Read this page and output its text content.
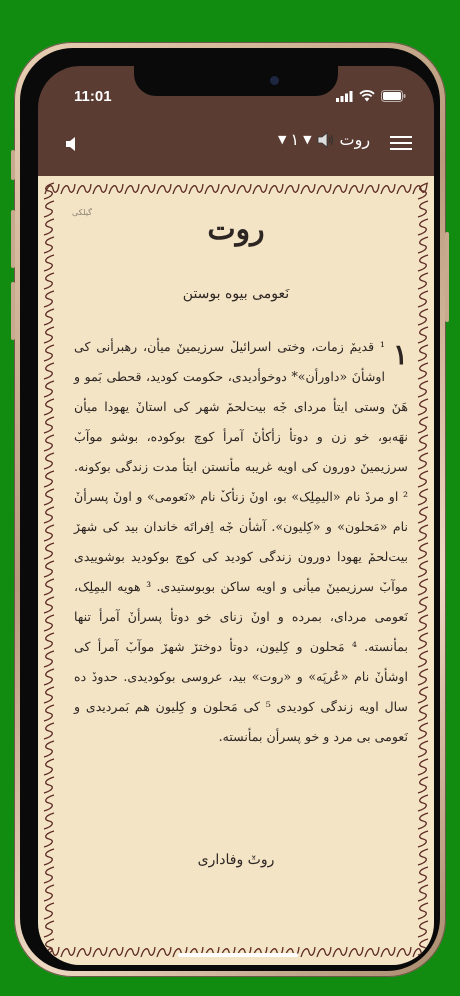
11:01
▼ ۱ ▼ روت
گیلکی	روت
نَعومی بیوه بوستن
١
¹ قدیمٚ زمات، وختی اسرائیلٚ سرزیمینٚ میأن، رهبرأنی کی اوشأنَ «داورأن»* دوخوأدیدی، حکومت کودید، قحطی بَمو و هَنٚ وستی ایتأ مردای جٚه بیت‌لحمٚ شهر کی استانٚ یهودا میأن نهَه‌بو، خو زن و دوتأ زأکأنٚ آمرأ کوچ بوکوده، بوشو موآبٚ سرزیمینٚ دورون کی اویه غریبه مأنستن ایتأ مدت زندگی بوکونه. ² او مردٚ نام «الیمِلِک» بو، اونٚ زنأکٚ نام «نَعومی» و اونٚ پسرأنٚ نام «مَحلون» و «کِلیون». آشأن جٚه اِفراتَه خاندان بید کی شهرٚ بیت‌لحمٚ یهودا دورون زندگی کودید کی کوچ بوکودید بوشوییدی موآبٚ سرزیمینٚ میأنی و اویه ساکن بوبوستیدی. ³ هویه الیمِلِک، نَعومی مردای، بمرده و اونٚ زنای خو دوتأ پسرأنٚ آمرأ تنها بمأنسته. ⁴ مَحلون و کِلیون، دوتأ دوخترٚ شهرٚ موآبٚ آمرأ کی اوشأنٚ نام «عُرپَه» و «روت» بید، عروسی بوکودیدی. حدودٚ ده سال اویه زندگی کودیدی ⁵ کی مَحلون و کِلیون هم بَمردیدی و نَعومی بی مرد و خو پسرأن بمأنسته.
روتٚ وفاداری
